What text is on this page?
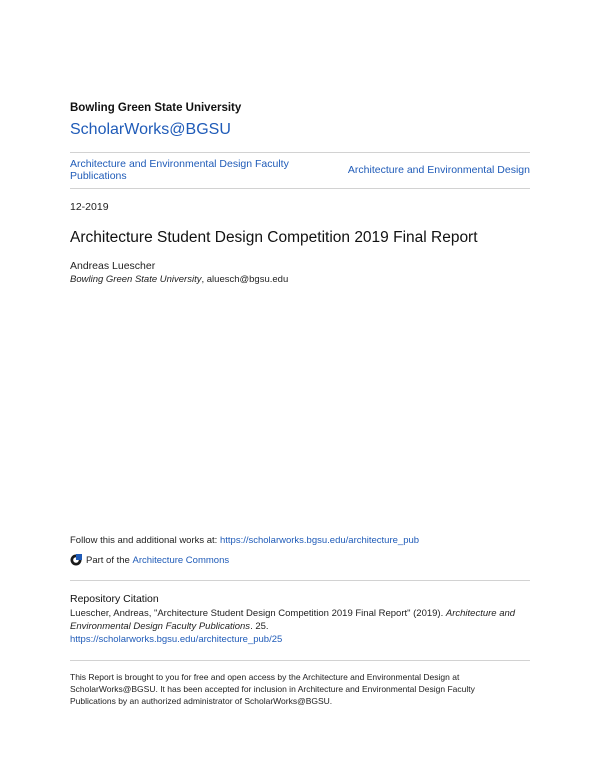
Bowling Green State University
ScholarWorks@BGSU
Architecture and Environmental Design Faculty Publications	Architecture and Environmental Design
12-2019
Architecture Student Design Competition 2019 Final Report
Andreas Luescher
Bowling Green State University, aluesch@bgsu.edu
Follow this and additional works at: https://scholarworks.bgsu.edu/architecture_pub
Part of the
Architecture Commons
Repository Citation
Luescher, Andreas, "Architecture Student Design Competition 2019 Final Report" (2019). Architecture and Environmental Design Faculty Publications. 25.
https://scholarworks.bgsu.edu/architecture_pub/25
This Report is brought to you for free and open access by the Architecture and Environmental Design at ScholarWorks@BGSU. It has been accepted for inclusion in Architecture and Environmental Design Faculty Publications by an authorized administrator of ScholarWorks@BGSU.
